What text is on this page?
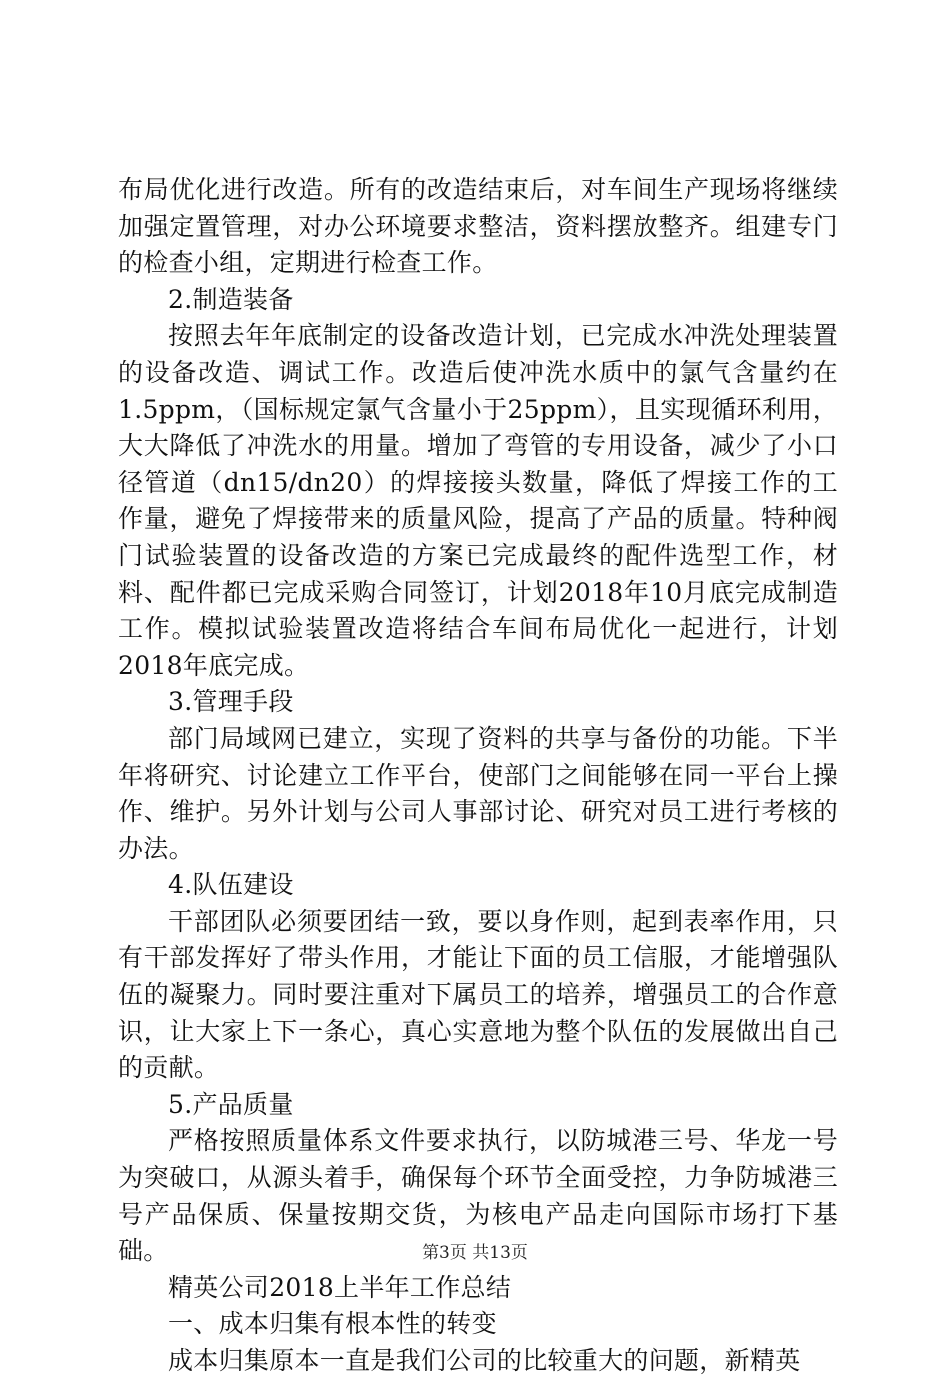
布局优化进行改造。所有的改造结束后，对车间生产现场将继续加强定置管理，对办公环境要求整洁，资料摆放整齐。组建专门的检查小组，定期进行检查工作。

2.制造装备

按照去年年底制定的设备改造计划，已完成水冲洗处理装置的设备改造、调试工作。改造后使冲洗水质中的氯气含量约在1.5ppm，（国标规定氯气含量小于25ppm），且实现循环利用，大大降低了冲洗水的用量。增加了弯管的专用设备，减少了小口径管道（dn15/dn20）的焊接接头数量，降低了焊接工作的工作量，避免了焊接带来的质量风险，提高了产品的质量。特种阀门试验装置的设备改造的方案已完成最终的配件选型工作，材料、配件都已完成采购合同签订，计划2018年10月底完成制造工作。模拟试验装置改造将结合车间布局优化一起进行，计划2018年底完成。

3.管理手段

部门局域网已建立，实现了资料的共享与备份的功能。下半年将研究、讨论建立工作平台，使部门之间能够在同一平台上操作、维护。另外计划与公司人事部讨论、研究对员工进行考核的办法。

4.队伍建设

干部团队必须要团结一致，要以身作则，起到表率作用，只有干部发挥好了带头作用，才能让下面的员工信服，才能增强队伍的凝聚力。同时要注重对下属员工的培养，增强员工的合作意识，让大家上下一条心，真心实意地为整个队伍的发展做出自己的贡献。

5.产品质量

严格按照质量体系文件要求执行，以防城港三号、华龙一号为突破口，从源头着手，确保每个环节全面受控，力争防城港三号产品保质、保量按期交货，为核电产品走向国际市场打下基础。

精英公司2018上半年工作总结

一、成本归集有根本性的转变

成本归集原本一直是我们公司的比较重大的问题，新精英

第3页 共13页
